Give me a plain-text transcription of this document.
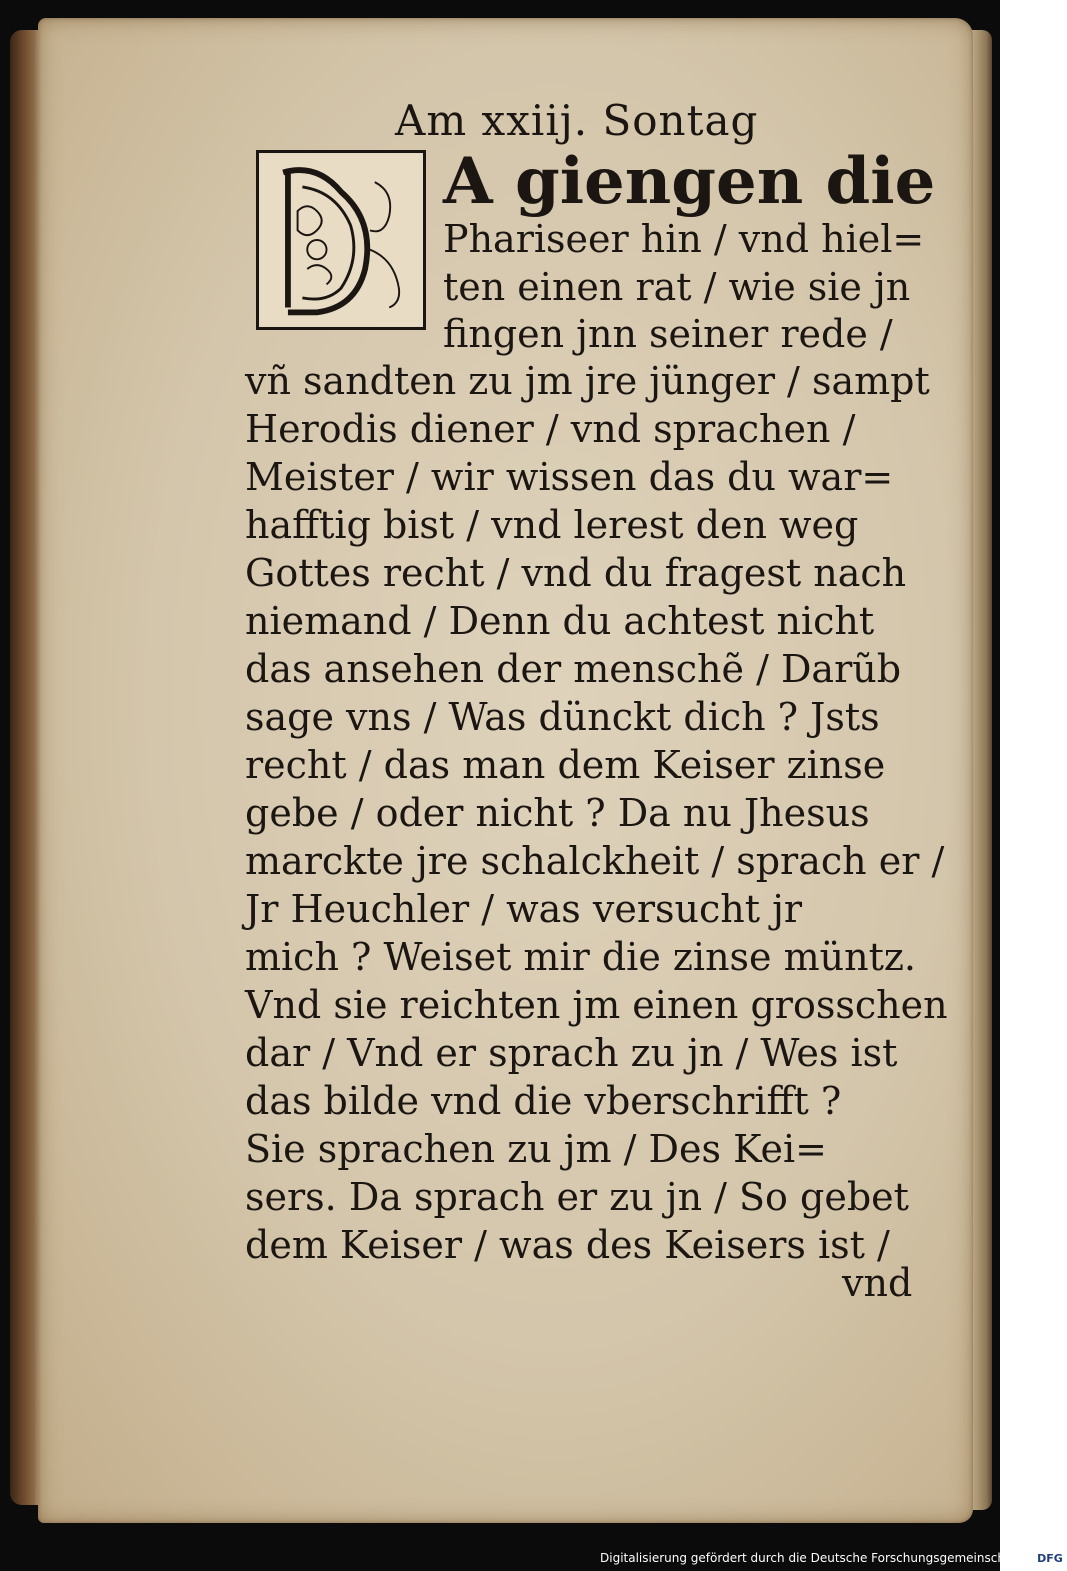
Am xxiij. Sontag
A giengen die
Phariseer hin / vnd hiel=
ten einen rat / wie sie jn
fingen jnn seiner rede /
vñ sandten zu jm jre jünger / sampt
Herodis diener / vnd sprachen /
Meister / wir wissen das du war=
hafftig bist / vnd lerest den weg
Gottes recht / vnd du fragest nach
niemand / Denn du achtest nicht
das ansehen der menschẽ / Darũb
sage vns / Was dünckt dich ? Jsts
recht / das man dem Keiser zinse
gebe / oder nicht ? Da nu Jhesus
marckte jre schalckheit / sprach er /
Jr Heuchler / was versucht jr
mich ? Weiset mir die zinse müntz.
Vnd sie reichten jm einen grosschen
dar / Vnd er sprach zu jn / Wes ist
das bilde vnd die vberschrifft ?
Sie sprachen zu jm / Des Kei=
sers. Da sprach er zu jn / So gebet
dem Keiser / was des Keisers ist /
vnd
Digitalisierung gefördert durch die Deutsche Forschungsgemeinschaft - DFG
